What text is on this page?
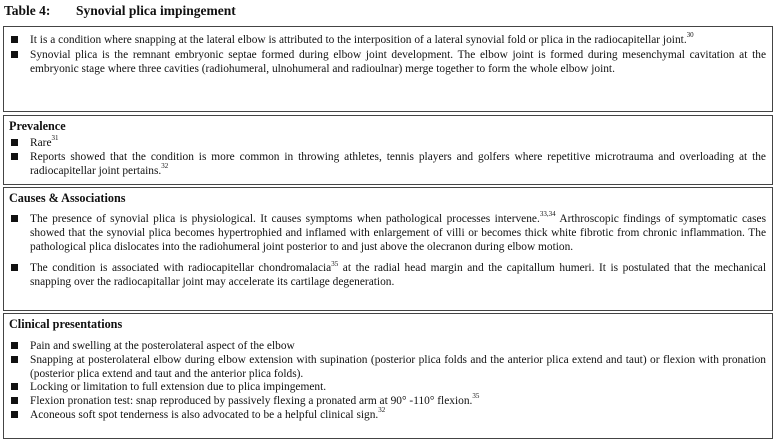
Table 4: Synovial plica impingement
It is a condition where snapping at the lateral elbow is attributed to the interposition of a lateral synovial fold or plica in the radiocapitellar joint.$^{30}$
Synovial plica is the remnant embryonic septae formed during elbow joint development. The elbow joint is formed during mesenchymal cavitation at the embryonic stage where three cavities (radiohumeral, ulnohumeral and radioulnar) merge together to form the whole elbow joint.
Prevalence
Rare$^{31}$
Reports showed that the condition is more common in throwing athletes, tennis players and golfers where repetitive microtrauma and overloading at the radiocapitellar joint pertains.$^{32}$
Causes & Associations
The presence of synovial plica is physiological. It causes symptoms when pathological processes intervene.$^{33,34}$ Arthroscopic findings of symptomatic cases showed that the synovial plica becomes hypertrophied and inflamed with enlargement of villi or becomes thick white fibrotic from chronic inflammation. The pathological plica dislocates into the radiohumeral joint posterior to and just above the olecranon during elbow motion.
The condition is associated with radiocapitellar chondromalacia$^{35}$ at the radial head margin and the capitallum humeri. It is postulated that the mechanical snapping over the radiocapitallar joint may accelerate its cartilage degeneration.
Clinical presentations
Pain and swelling at the posterolateral aspect of the elbow
Snapping at posterolateral elbow during elbow extension with supination (posterior plica folds and the anterior plica extend and taut) or flexion with pronation (posterior plica extend and taut and the anterior plica folds).
Locking or limitation to full extension due to plica impingement.
Flexion pronation test: snap reproduced by passively flexing a pronated arm at 90° -110° flexion.$^{35}$
Aconeous soft spot tenderness is also advocated to be a helpful clinical sign.$^{32}$
